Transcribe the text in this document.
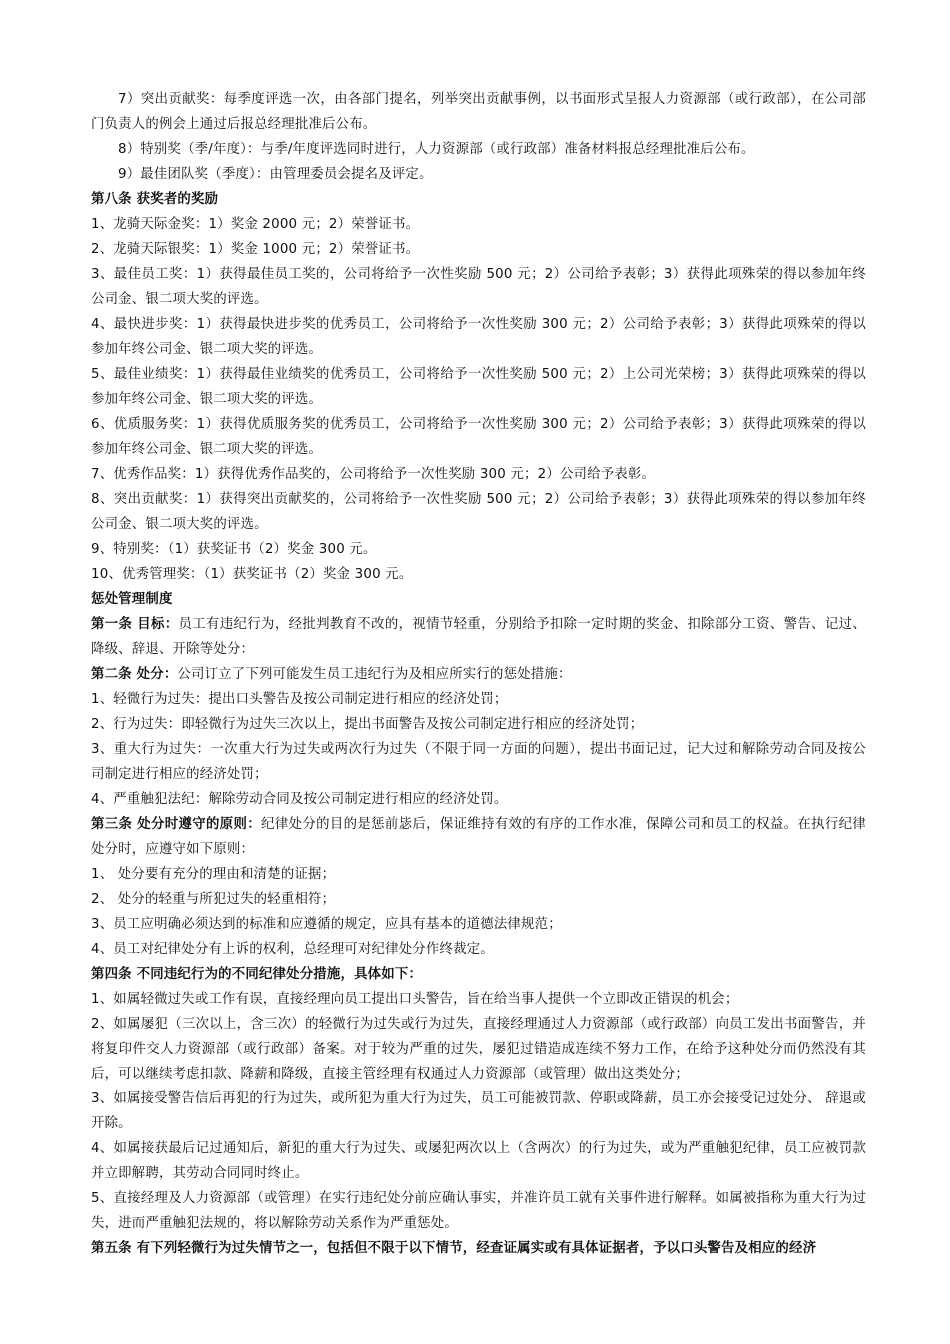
7）突出贡献奖：每季度评选一次，由各部门提名，列举突出贡献事例，以书面形式呈报人力资源部（或行政部），在公司部门负责人的例会上通过后报总经理批准后公布。

8）特别奖（季/年度）：与季/年度评选同时进行，人力资源部（或行政部）准备材料报总经理批准后公布。

9）最佳团队奖（季度）：由管理委员会提名及评定。

第八条 获奖者的奖励

1、龙骑天际金奖：1）奖金 2000 元；2）荣誉证书。

2、龙骑天际银奖：1）奖金 1000 元；2）荣誉证书。

3、最佳员工奖：1）获得最佳员工奖的，公司将给予一次性奖励 500 元；2）公司给予表彰；3）获得此项殊荣的得以参加年终公司金、银二项大奖的评选。

4、最快进步奖：1）获得最快进步奖的优秀员工，公司将给予一次性奖励 300 元；2）公司给予表彰；3）获得此项殊荣的得以参加年终公司金、银二项大奖的评选。

5、最佳业绩奖：1）获得最佳业绩奖的优秀员工，公司将给予一次性奖励 500 元；2）上公司光荣榜；3）获得此项殊荣的得以参加年终公司金、银二项大奖的评选。

6、优质服务奖：1）获得优质服务奖的优秀员工，公司将给予一次性奖励 300 元；2）公司给予表彰；3）获得此项殊荣的得以参加年终公司金、银二项大奖的评选。

7、优秀作品奖：1）获得优秀作品奖的，公司将给予一次性奖励 300 元；2）公司给予表彰。

8、突出贡献奖：1）获得突出贡献奖的，公司将给予一次性奖励 500 元；2）公司给予表彰；3）获得此项殊荣的得以参加年终公司金、银二项大奖的评选。

9、特别奖：（1）获奖证书（2）奖金 300 元。

10、优秀管理奖：（1）获奖证书（2）奖金 300 元。

惩处管理制度

第一条 目标：员工有违纪行为，经批判教育不改的，视情节轻重，分别给予扣除一定时期的奖金、扣除部分工资、警告、记过、降级、辞退、开除等处分：

第二条 处分：公司订立了下列可能发生员工违纪行为及相应所实行的惩处措施：

1、轻微行为过失：提出口头警告及按公司制定进行相应的经济处罚；

2、行为过失：即轻微行为过失三次以上，提出书面警告及按公司制定进行相应的经济处罚；

3、重大行为过失：一次重大行为过失或两次行为过失（不限于同一方面的问题），提出书面记过，记大过和解除劳动合同及按公司制定进行相应的经济处罚；

4、严重触犯法纪：解除劳动合同及按公司制定进行相应的经济处罚。

第三条 处分时遵守的原则：纪律处分的目的是惩前毖后，保证维持有效的有序的工作水准，保障公司和员工的权益。在执行纪律处分时，应遵守如下原则：

1、 处分要有充分的理由和清楚的证据；

2、 处分的轻重与所犯过失的轻重相符；

3、员工应明确必须达到的标准和应遵循的规定，应具有基本的道德法律规范；

4、员工对纪律处分有上诉的权利，总经理可对纪律处分作终裁定。

第四条 不同违纪行为的不同纪律处分措施，具体如下：

1、如属轻微过失或工作有误，直接经理向员工提出口头警告，旨在给当事人提供一个立即改正错误的机会；

2、如属屡犯（三次以上，含三次）的轻微行为过失或行为过失，直接经理通过人力资源部（或行政部）向员工发出书面警告，并将复印件交人力资源部（或行政部）备案。对于较为严重的过失，屡犯过错造成连续不努力工作，在给予这种处分而仍然没有其后，可以继续考虑扣款、降薪和降级，直接主管经理有权通过人力资源部（或管理）做出这类处分；

3、如属接受警告信后再犯的行为过失，或所犯为重大行为过失，员工可能被罚款、停职或降薪，员工亦会接受记过处分、 辞退或开除。

4、如属接获最后记过通知后，新犯的重大行为过失、或屡犯两次以上（含两次）的行为过失，或为严重触犯纪律，员工应被罚款并立即解聘，其劳动合同同时终止。

5、直接经理及人力资源部（或管理）在实行违纪处分前应确认事实，并准许员工就有关事件进行解释。如属被指称为重大行为过失，进而严重触犯法规的，将以解除劳动关系作为严重惩处。

第五条 有下列轻微行为过失情节之一，包括但不限于以下情节，经查证属实或有具体证据者，予以口头警告及相应的经济
